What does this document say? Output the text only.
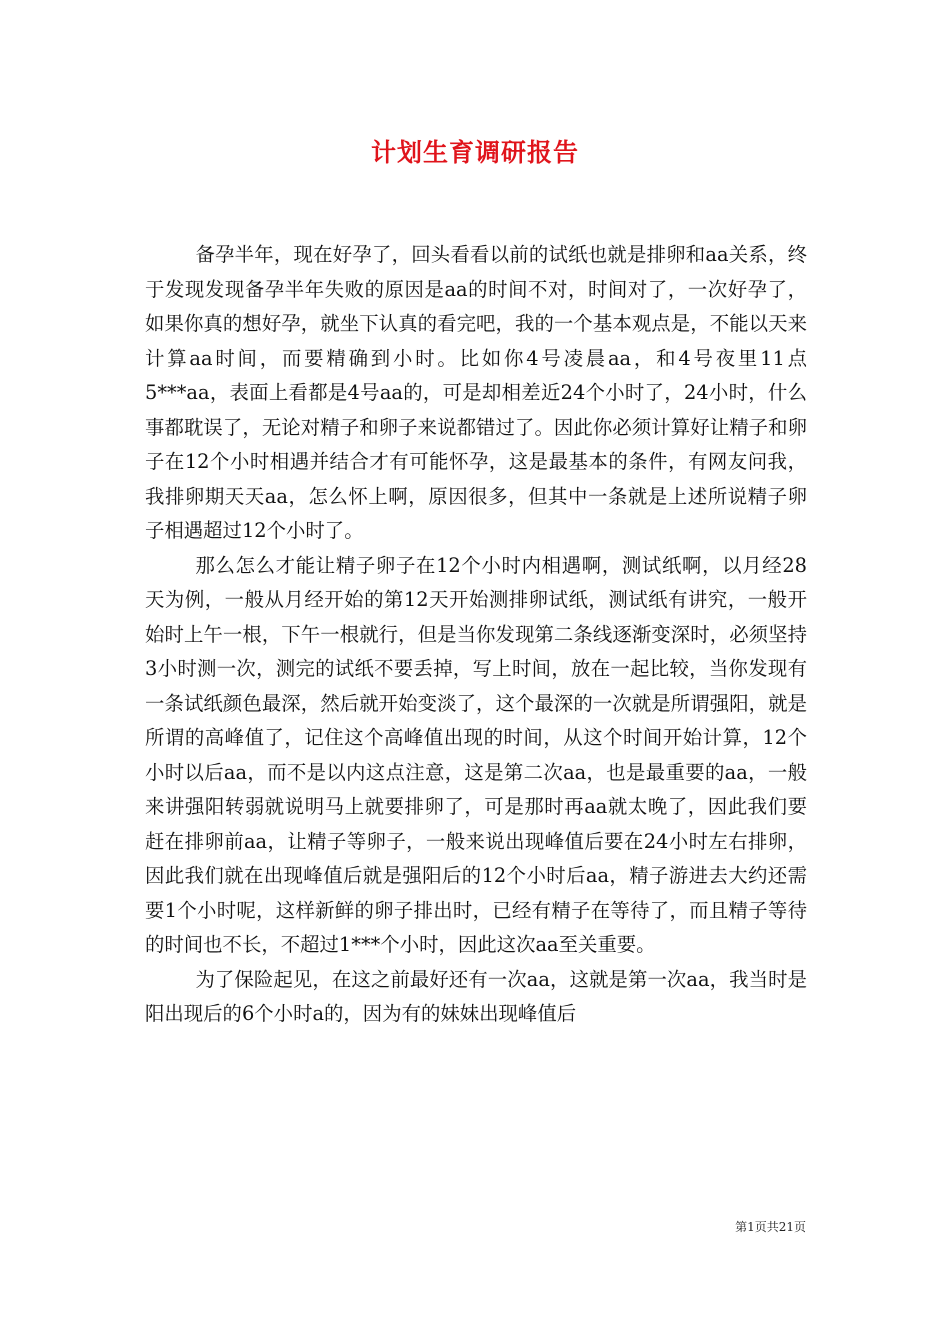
计划生育调研报告

备孕半年，现在好孕了，回头看看以前的试纸也就是排卵和aa关系，终于发现发现备孕半年失败的原因是aa的时间不对，时间对了，一次好孕了，如果你真的想好孕，就坐下认真的看完吧，我的一个基本观点是，不能以天来计算aa时间，而要精确到小时。比如你4号凌晨aa，和4号夜里11点5***aa，表面上看都是4号aa的，可是却相差近24个小时了，24小时，什么事都耽误了，无论对精子和卵子来说都错过了。因此你必须计算好让精子和卵子在12个小时相遇并结合才有可能怀孕，这是最基本的条件，有网友问我，我排卵期天天aa，怎么怀上啊，原因很多，但其中一条就是上述所说精子卵子相遇超过12个小时了。

那么怎么才能让精子卵子在12个小时内相遇啊，测试纸啊，以月经28天为例，一般从月经开始的第12天开始测排卵试纸，测试纸有讲究，一般开始时上午一根，下午一根就行，但是当你发现第二条线逐渐变深时，必须坚持3小时测一次，测完的试纸不要丢掉，写上时间，放在一起比较，当你发现有一条试纸颜色最深，然后就开始变淡了，这个最深的一次就是所谓强阳，就是所谓的高峰值了，记住这个高峰值出现的时间，从这个时间开始计算，12个小时以后aa，而不是以内这点注意，这是第二次aa，也是最重要的aa，一般来讲强阳转弱就说明马上就要排卵了，可是那时再aa就太晚了，因此我们要赶在排卵前aa，让精子等卵子，一般来说出现峰值后要在24小时左右排卵，因此我们就在出现峰值后就是强阳后的12个小时后aa，精子游进去大约还需要1个小时呢，这样新鲜的卵子排出时，已经有精子在等待了，而且精子等待的时间也不长，不超过1***个小时，因此这次aa至关重要。

为了保险起见，在这之前最好还有一次aa，这就是第一次aa，我当时是阳出现后的6个小时a的，因为有的妹妹出现峰值后

第1页共21页
